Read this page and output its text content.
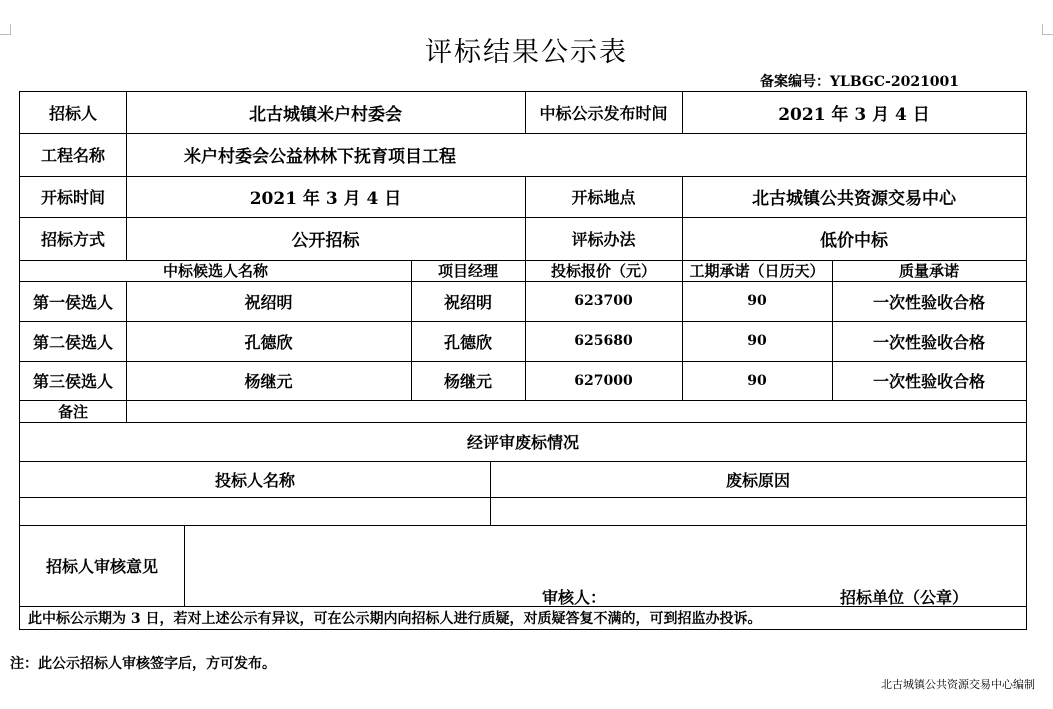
评标结果公示表
备案编号：YLBGC-2021001
招标人	北古城镇米户村委会	中标公示发布时间	2021 年 3 月 4 日
工程名称	米户村委会公益林林下抚育项目工程
开标时间	2021 年 3 月 4 日	开标地点	北古城镇公共资源交易中心
招标方式	公开招标	评标办法	低价中标
中标候选人名称	项目经理	投标报价（元）	工期承诺（日历天）	质量承诺
第一侯选人	祝绍明	祝绍明	623700	90	一次性验收合格
第二侯选人	孔德欣	孔德欣	625680	90	一次性验收合格
第三侯选人	杨继元	杨继元	627000	90	一次性验收合格
备注
经评审废标情况
投标人名称	废标原因
招标人审核意见
审核人：	招标单位（公章）
此中标公示期为 3 日，若对上述公示有异议，可在公示期内向招标人进行质疑，对质疑答复不满的，可到招监办投诉。
注：此公示招标人审核签字后，方可发布。
北古城镇公共资源交易中心编制
